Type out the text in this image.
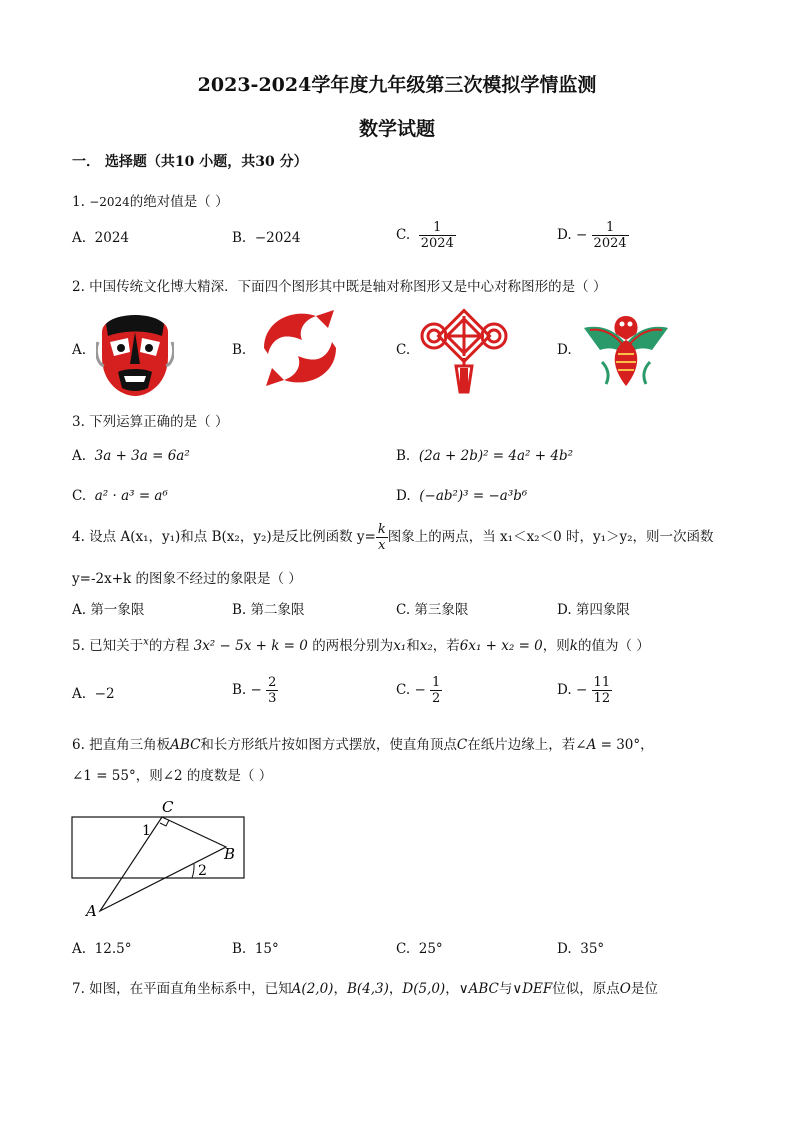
2023-2024学年度九年级第三次模拟学情监测
数学试题
一． 选择题（共10 小题，共30 分）
1. −2024的绝对值是（ ）
A. 2024	B. −2024	C. $\frac{1}{2024}$	D. − $\frac{1}{2024}$
2. 中国传统文化博大精深．下面四个图形其中既是轴对称图形又是中心对称图形的是（ ）
A.	B.	C.	D.
3. 下列运算正确的是（ ）
A. 3a + 3a = 6a²	B. (2a + 2b)² = 4a² + 4b²
C. a² · a³ = a⁶	D. (−ab²)³ = −a³b⁶
4. 设点 A(x₁，y₁)和点 B(x₂，y₂)是反比例函数 $y= \frac{k}{x}$ 图象上的两点，当 x₁＜x₂＜0 时，y₁＞y₂，则一次函数
y=-2x+k 的图象不经过的象限是（ ）
A. 第一象限	B. 第二象限	C. 第三象限	D. 第四象限
5. 已知关于$^x$的方程 3x² − 5x + k = 0 的两根分别为x₁和x₂，若6x₁ + x₂ = 0，则k的值为（ ）
A. −2	B. − $\frac{2}{3}$	C. − $\frac{1}{2}$	D. − $\frac{11}{12}$
6. 把直角三角板ABC和长方形纸片按如图方式摆放，使直角顶点C在纸片边缘上，若∠A = 30°，
∠1 = 55°，则∠2 的度数是（ ）
C
B
A
1
2
A. 12.5°	B. 15°	C. 25°	D. 35°
7. 如图，在平面直角坐标系中，已知A(2,0)，B(4,3)，D(5,0)，∨ABC与∨DEF位似，原点O是位
